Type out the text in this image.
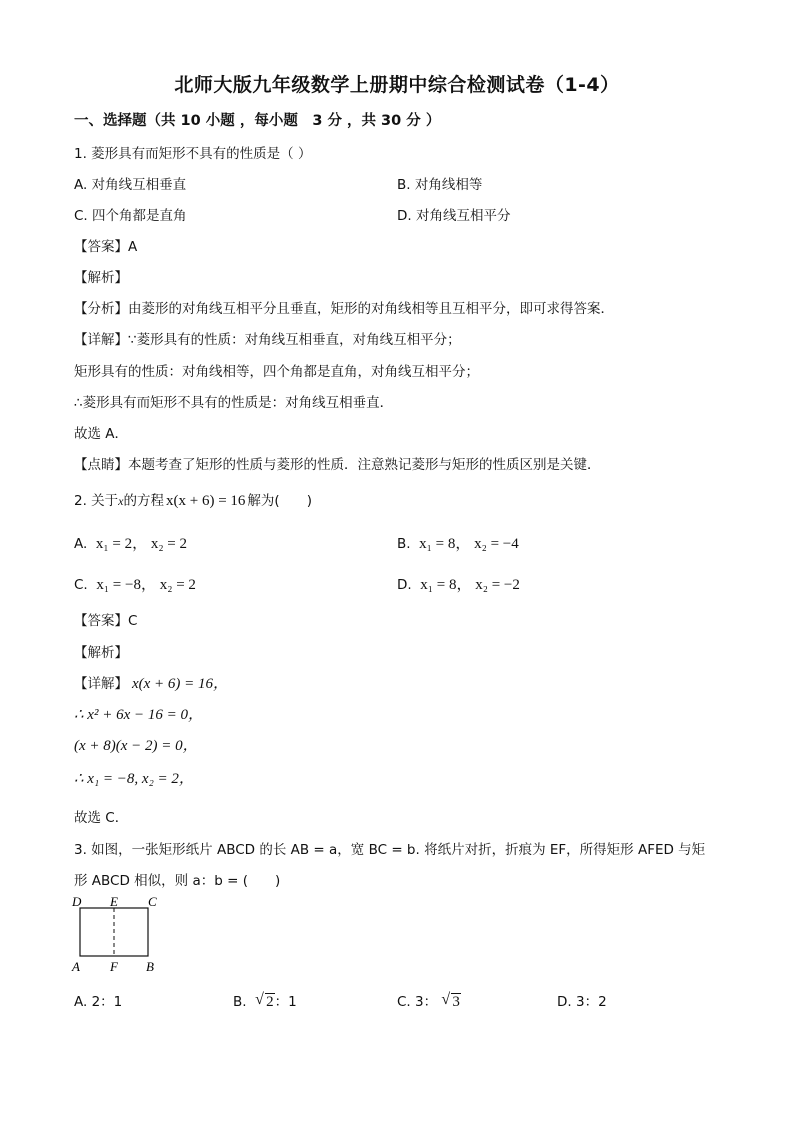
北师大版九年级数学上册期中综合检测试卷（1-4）
一、选择题（共 10 小题 ，每小题　3 分 ，共 30 分 ）
1. 菱形具有而矩形不具有的性质是（ ）
A. 对角线互相垂直	B. 对角线相等
C. 四个角都是直角	D. 对角线互相平分
【答案】A
【解析】
【分析】由菱形的对角线互相平分且垂直，矩形的对角线相等且互相平分，即可求得答案．
【详解】∵菱形具有的性质：对角线互相垂直，对角线互相平分；
矩形具有的性质：对角线相等，四个角都是直角，对角线互相平分；
∴菱形具有而矩形不具有的性质是：对角线互相垂直．
故选 A．
【点睛】本题考查了矩形的性质与菱形的性质．注意熟记菱形与矩形的性质区别是关键．
2. 关于x的方程 x(x + 6) = 16 解为(　　)
A. x₁ = 2， x₂ = 2	B. x₁ = 8， x₂ = −4
C. x₁ = −8， x₂ = 2	D. x₁ = 8， x₂ = −2
【答案】C
【解析】
【详解】 x(x + 6) = 16，
∴ x² + 6x − 16 = 0，
(x + 8)(x − 2) = 0，
∴ x₁ = −8, x₂ = 2，
故选 C．
3. 如图，一张矩形纸片 ABCD 的长 AB = a，宽 BC = b. 将纸片对折，折痕为 EF，所得矩形 AFED 与矩
形 ABCD 相似，则 a：b = (　　)
D E C
A F B
A. 2：1	B. √ 2：1	C. 3： √ 3	D. 3：2
